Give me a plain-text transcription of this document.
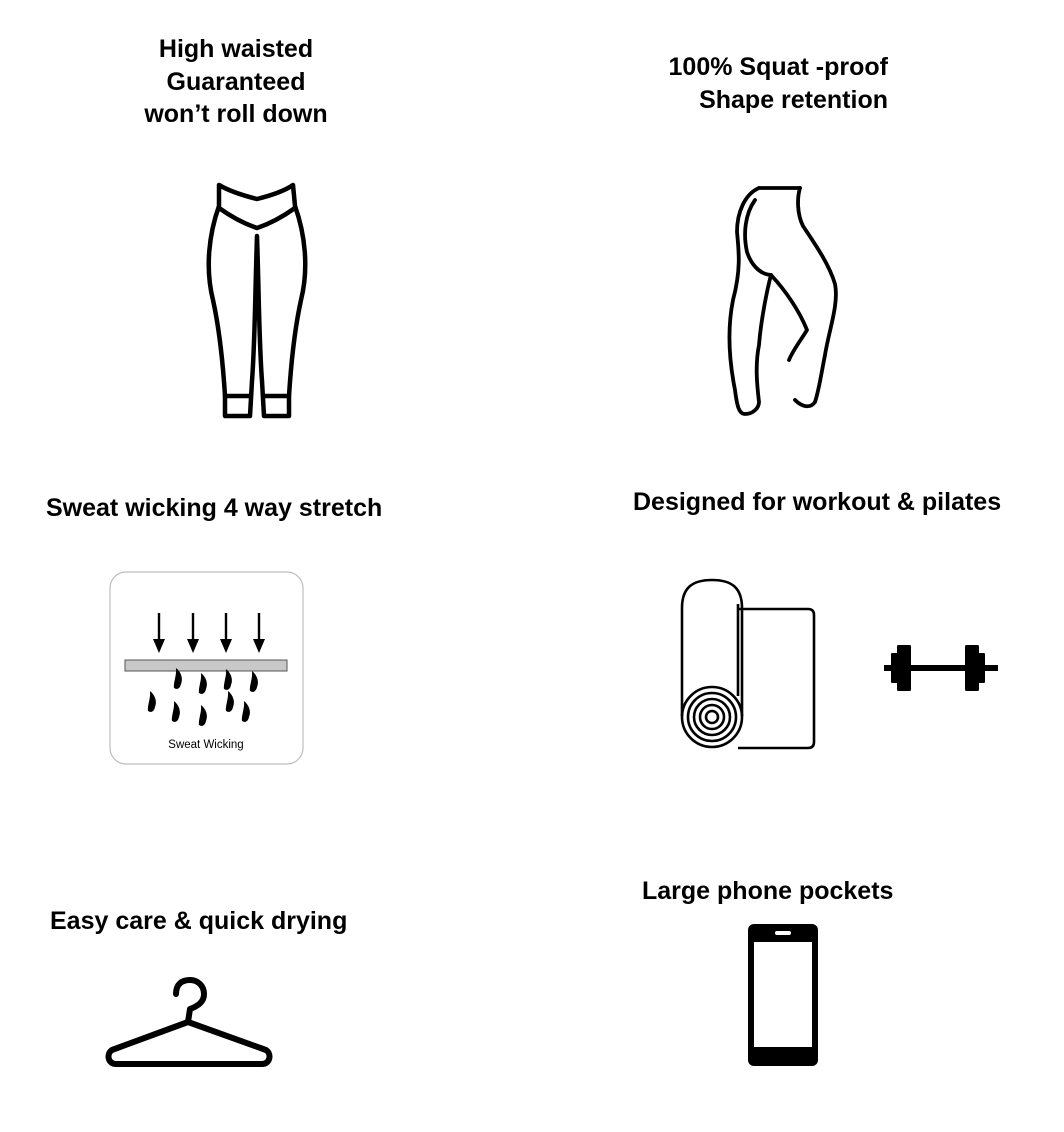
High waisted
Guaranteed
won’t roll down
100% Squat -proof
Shape retention
Sweat wicking 4 way stretch
Sweat Wicking
Designed for workout & pilates
Easy care & quick drying
Large phone pockets
